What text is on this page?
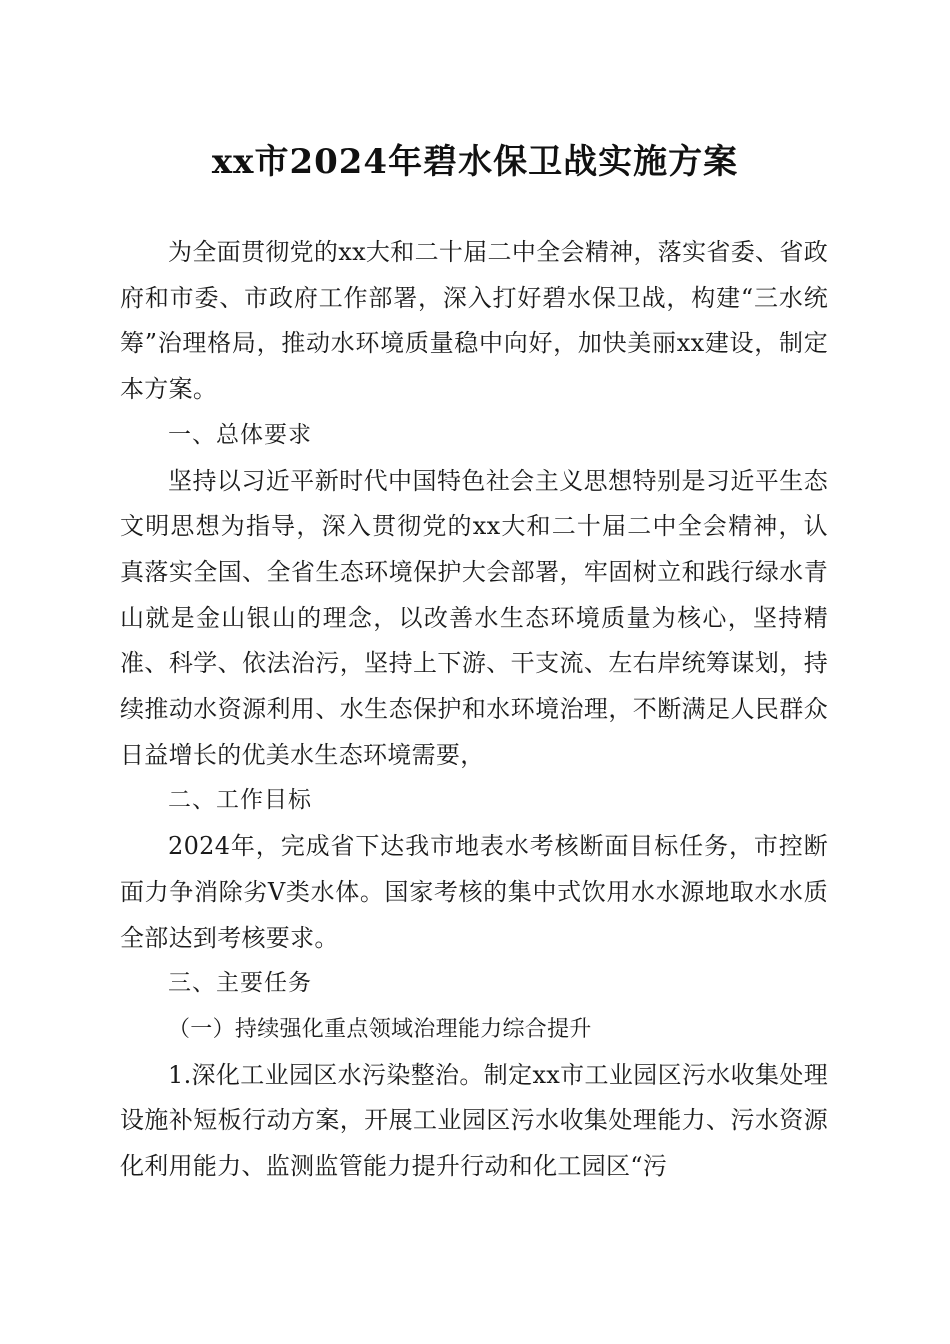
xx市2024年碧水保卫战实施方案

为全面贯彻党的xx大和二十届二中全会精神，落实省委、省政府和市委、市政府工作部署，深入打好碧水保卫战，构建“三水统筹”治理格局，推动水环境质量稳中向好，加快美丽xx建设，制定本方案。

一、总体要求

坚持以习近平新时代中国特色社会主义思想特别是习近平生态文明思想为指导，深入贯彻党的xx大和二十届二中全会精神，认真落实全国、全省生态环境保护大会部署，牢固树立和践行绿水青山就是金山银山的理念，以改善水生态环境质量为核心，坚持精准、科学、依法治污，坚持上下游、干支流、左右岸统筹谋划，持续推动水资源利用、水生态保护和水环境治理，不断满足人民群众日益增长的优美水生态环境需要，

二、工作目标

2024年，完成省下达我市地表水考核断面目标任务，市控断面力争消除劣Ⅴ类水体。国家考核的集中式饮用水水源地取水水质全部达到考核要求。

三、主要任务

（一）持续强化重点领域治理能力综合提升

1.深化工业园区水污染整治。制定xx市工业园区污水收集处理设施补短板行动方案，开展工业园区污水收集处理能力、污水资源化利用能力、监测监管能力提升行动和化工园区“污
